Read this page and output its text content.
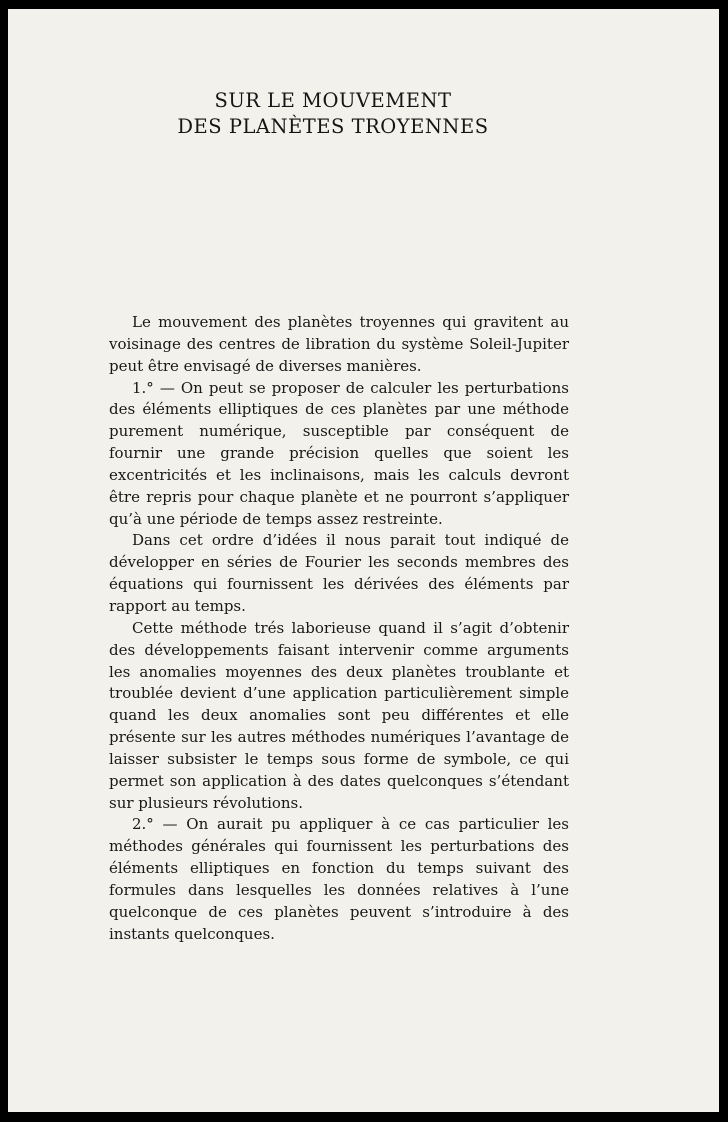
SUR LE MOUVEMENT
DES PLANÈTES TROYENNES

Le mouvement des planètes troyennes qui gravitent au voisinage des centres de libration du système Soleil-Jupiter peut être envisagé de diverses manières.

1.° — On peut se proposer de calculer les perturbations des éléments elliptiques de ces planètes par une méthode purement numérique, susceptible par conséquent de fournir une grande précision quelles que soient les excentricités et les inclinaisons, mais les calculs devront être repris pour chaque planète et ne pourront s’appliquer qu’à une période de temps assez restreinte.

Dans cet ordre d’idées il nous parait tout indiqué de développer en séries de Fourier les seconds membres des équations qui fournissent les dérivées des éléments par rapport au temps.

Cette méthode trés laborieuse quand il s’agit d’obtenir des développements faisant intervenir comme arguments les anomalies moyennes des deux planètes troublante et troublée devient d’une application particulièrement simple quand les deux anomalies sont peu différentes et elle présente sur les autres méthodes numériques l’avantage de laisser subsister le temps sous forme de symbole, ce qui permet son application à des dates quelconques s’étendant sur plusieurs révolutions.

2.° — On aurait pu appliquer à ce cas particulier les méthodes générales qui fournissent les perturbations des éléments elliptiques en fonction du temps suivant des formules dans lesquelles les données relatives à l’une quelconque de ces planètes peuvent s’introduire à des instants quelconques.
